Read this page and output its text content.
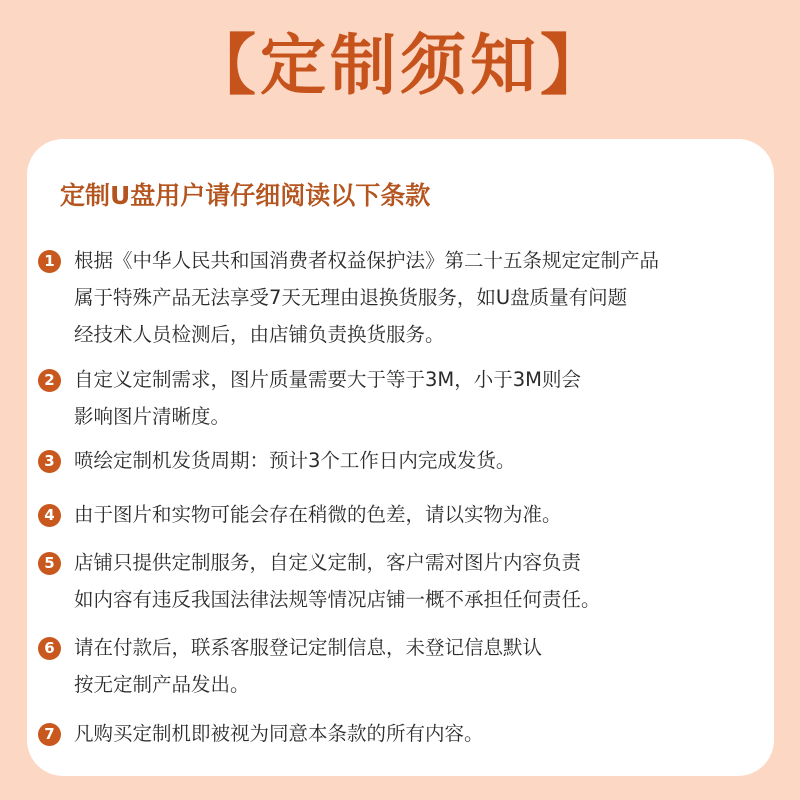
【定制须知】
定制U盘用户请仔细阅读以下条款
1 根据《中华人民共和国消费者权益保护法》第二十五条规定定制产品
属于特殊产品无法享受7天无理由退换货服务，如U盘质量有问题
经技术人员检测后，由店铺负责换货服务。
2 自定义定制需求，图片质量需要大于等于3M，小于3M则会
影响图片清晰度。
3 喷绘定制机发货周期：预计3个工作日内完成发货。
4 由于图片和实物可能会存在稍微的色差，请以实物为准。
5 店铺只提供定制服务，自定义定制，客户需对图片内容负责
如内容有违反我国法律法规等情况店铺一概不承担任何责任。
6 请在付款后，联系客服登记定制信息，未登记信息默认
按无定制产品发出。
7 凡购买定制机即被视为同意本条款的所有内容。
